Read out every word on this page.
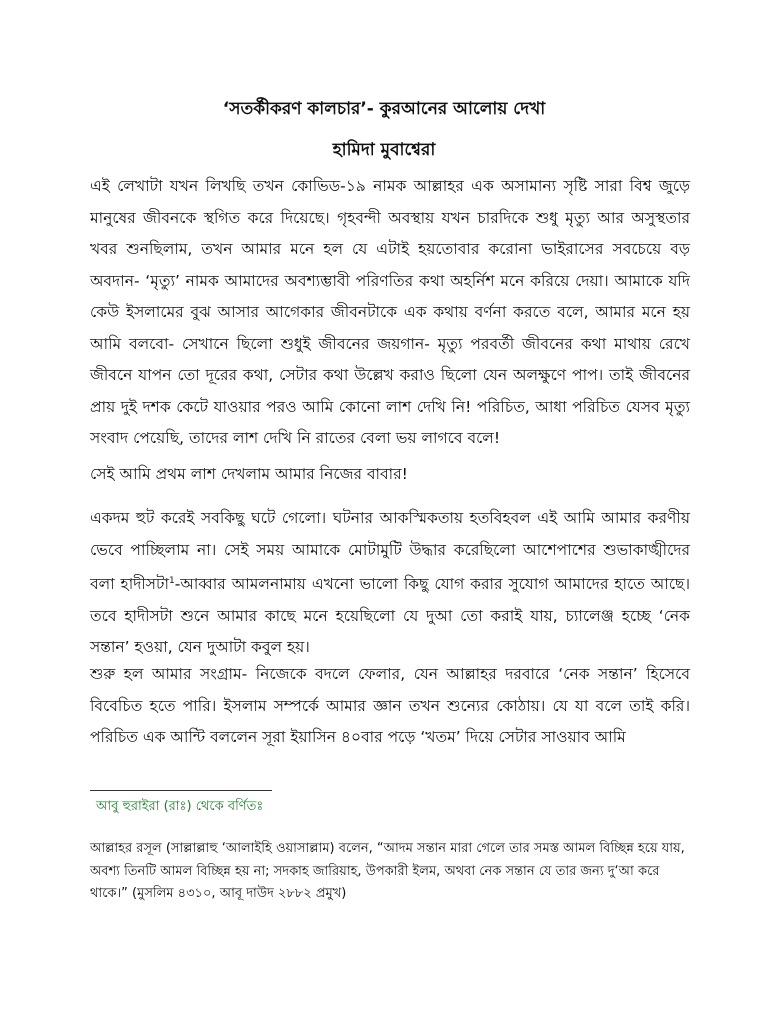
‘সতর্কীকরণ কালচার’- কুরআনের আলোয় দেখা
হামিদা মুবাশ্বেরা

এই লেখাটা যখন লিখছি তখন কোভিড-১৯ নামক আল্লাহর এক অসামান্য সৃষ্টি সারা বিশ্ব জুড়ে মানুষের জীবনকে স্থগিত করে দিয়েছে। গৃহবন্দী অবস্থায় যখন চারদিকে শুধু মৃত্যু আর অসুস্থতার খবর শুনছিলাম, তখন আমার মনে হল যে এটাই হয়তোবার করোনা ভাইরাসের সবচেয়ে বড় অবদান- ‘মৃত্যু’ নামক আমাদের অবশ্যম্ভাবী পরিণতির কথা অহর্নিশ মনে করিয়ে দেয়া। আমাকে যদি কেউ ইসলামের বুঝ আসার আগেকার জীবনটাকে এক কথায় বর্ণনা করতে বলে, আমার মনে হয় আমি বলবো- সেখানে ছিলো শুধুই জীবনের জয়গান- মৃত্যু পরবর্তী জীবনের কথা মাথায় রেখে জীবনে যাপন তো দূরের কথা, সেটার কথা উল্লেখ করাও ছিলো যেন অলক্ষুণে পাপ। তাই জীবনের প্রায় দুই দশক কেটে যাওয়ার পরও আমি কোনো লাশ দেখি নি! পরিচিত, আধা পরিচিত যেসব মৃত্যু সংবাদ পেয়েছি, তাদের লাশ দেখি নি রাতের বেলা ভয় লাগবে বলে!

সেই আমি প্রথম লাশ দেখলাম আমার নিজের বাবার!

একদম হুট করেই সবকিছু ঘটে গেলো। ঘটনার আকস্মিকতায় হতবিহবল এই আমি আমার করণীয় ভেবে পাচ্ছিলাম না। সেই সময় আমাকে মোটামুটি উদ্ধার করেছিলো আশেপাশের শুভাকাঙ্খীদের বলা হাদীসটা$^1$-আব্বার আমলনামায় এখনো ভালো কিছু যোগ করার সুযোগ আমাদের হাতে আছে। তবে হাদীসটা শুনে আমার কাছে মনে হয়েছিলো যে দুআ তো করাই যায়, চ্যালেঞ্জ হচ্ছে ‘নেক সন্তান’ হওয়া, যেন দুআটা কবুল হয়।

শুরু হল আমার সংগ্রাম- নিজেকে বদলে ফেলার, যেন আল্লাহর দরবারে ‘নেক সন্তান’ হিসেবে বিবেচিত হতে পারি। ইসলাম সম্পর্কে আমার জ্ঞান তখন শুন্যের কোঠায়। যে যা বলে তাই করি। পরিচিত এক আন্টি বললেন সূরা ইয়াসিন ৪০বার পড়ে ‘খতম’ দিয়ে সেটার সাওয়াব আমি

আবু হুরাইরা (রাঃ) থেকে বর্ণিতঃ

আল্লাহর রসূল (সাল্লাল্লাহু ‘আলাইহি ওয়াসাল্লাম) বলেন, “আদম সন্তান মারা গেলে তার সমস্ত আমল বিচ্ছিন্ন হয়ে যায়, অবশ্য তিনটি আমল বিচ্ছিন্ন হয় না; সদকাহ জারিয়াহ, উপকারী ইলম, অথবা নেক সন্তান যে তার জন্য দু‘আ করে থাকে।” (মুসলিম ৪৩১০, আবূ দাউদ ২৮৮২ প্রমুখ)
